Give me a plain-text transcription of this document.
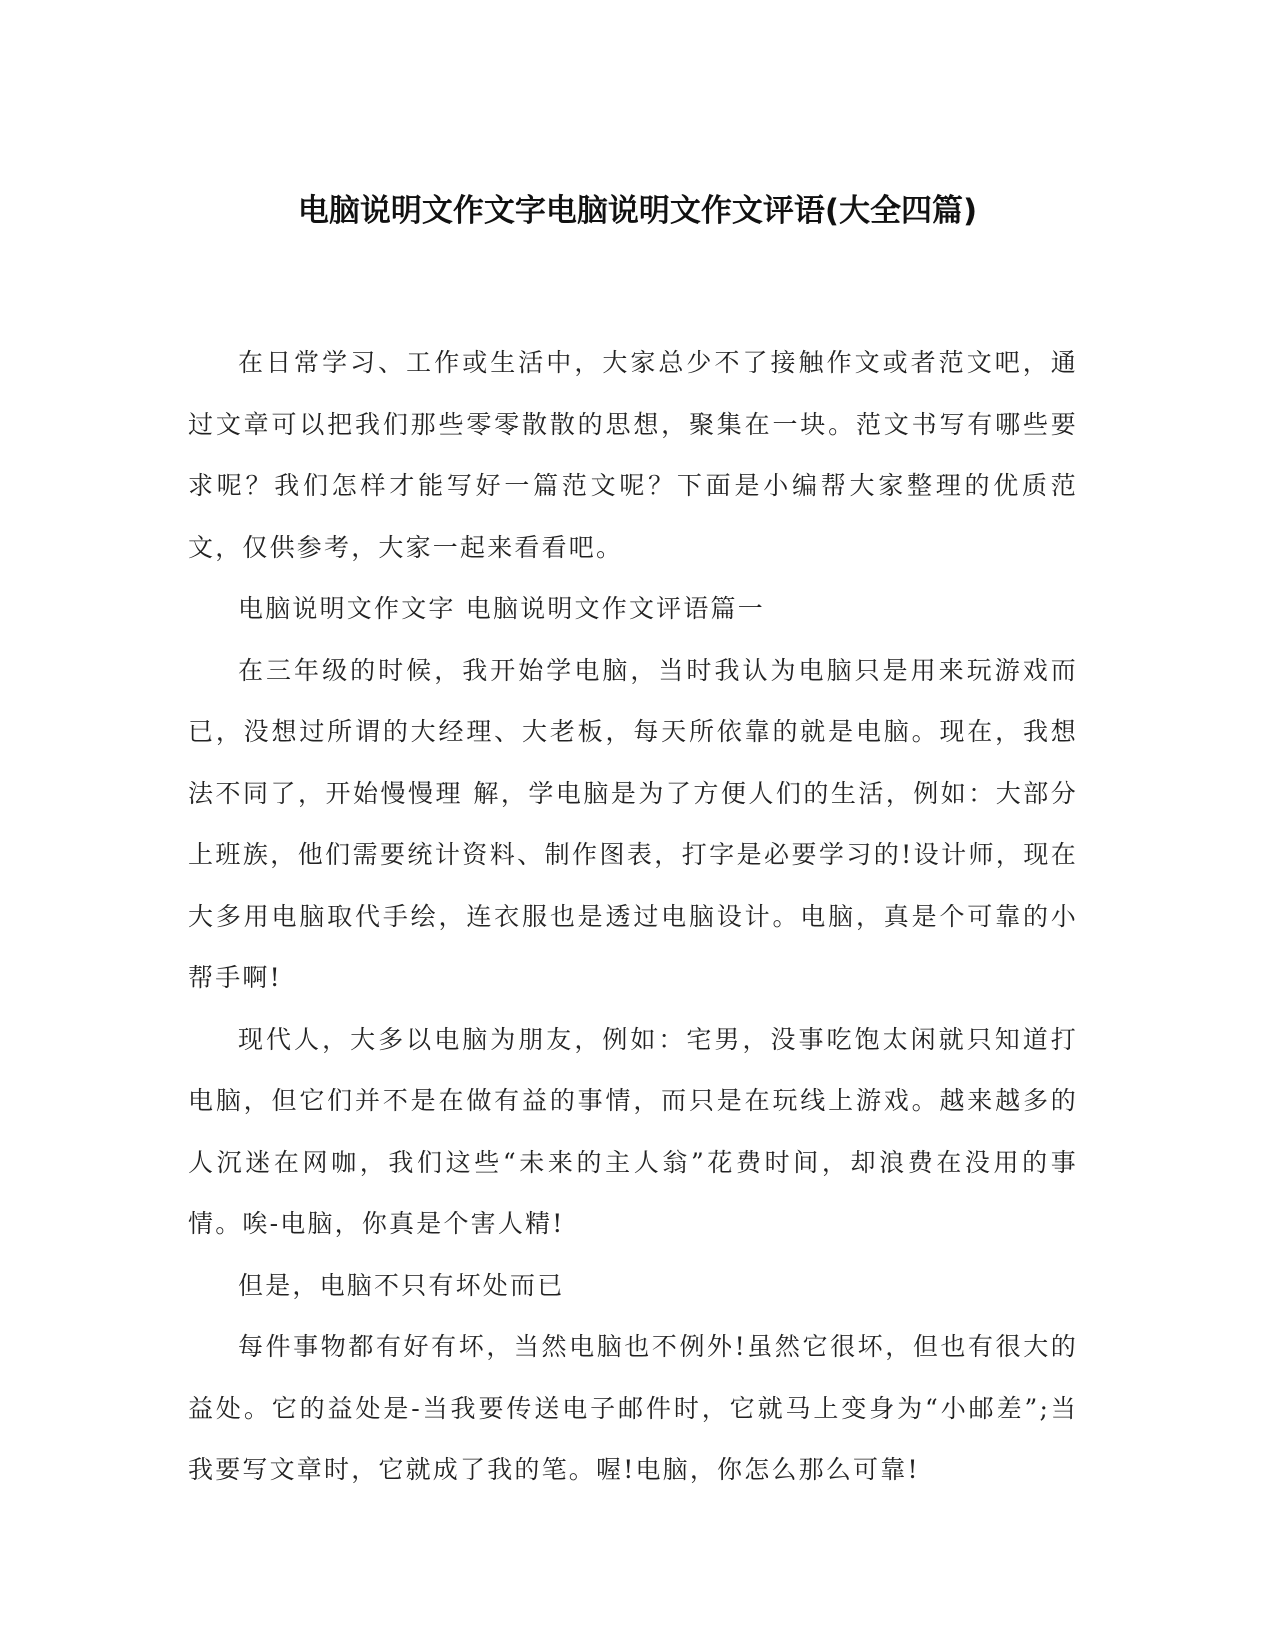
电脑说明文作文字电脑说明文作文评语(大全四篇)

在日常学习、工作或生活中，大家总少不了接触作文或者范文吧，通过文章可以把我们那些零零散散的思想，聚集在一块。范文书写有哪些要求呢？我们怎样才能写好一篇范文呢？下面是小编帮大家整理的优质范文，仅供参考，大家一起来看看吧。

电脑说明文作文字 电脑说明文作文评语篇一

在三年级的时候，我开始学电脑，当时我认为电脑只是用来玩游戏而已，没想过所谓的大经理、大老板，每天所依靠的就是电脑。现在，我想法不同了，开始慢慢理 解，学电脑是为了方便人们的生活，例如：大部分上班族，他们需要统计资料、制作图表，打字是必要学习的!设计师，现在大多用电脑取代手绘，连衣服也是透过电脑设计。电脑，真是个可靠的小帮手啊!

现代人，大多以电脑为朋友，例如：宅男，没事吃饱太闲就只知道打电脑，但它们并不是在做有益的事情，而只是在玩线上游戏。越来越多的人沉迷在网咖，我们这些“未来的主人翁”花费时间，却浪费在没用的事情。唉-电脑，你真是个害人精!

但是，电脑不只有坏处而已

每件事物都有好有坏，当然电脑也不例外!虽然它很坏，但也有很大的益处。它的益处是-当我要传送电子邮件时，它就马上变身为“小邮差”;当我要写文章时，它就成了我的笔。喔!电脑，你怎么那么可靠!
